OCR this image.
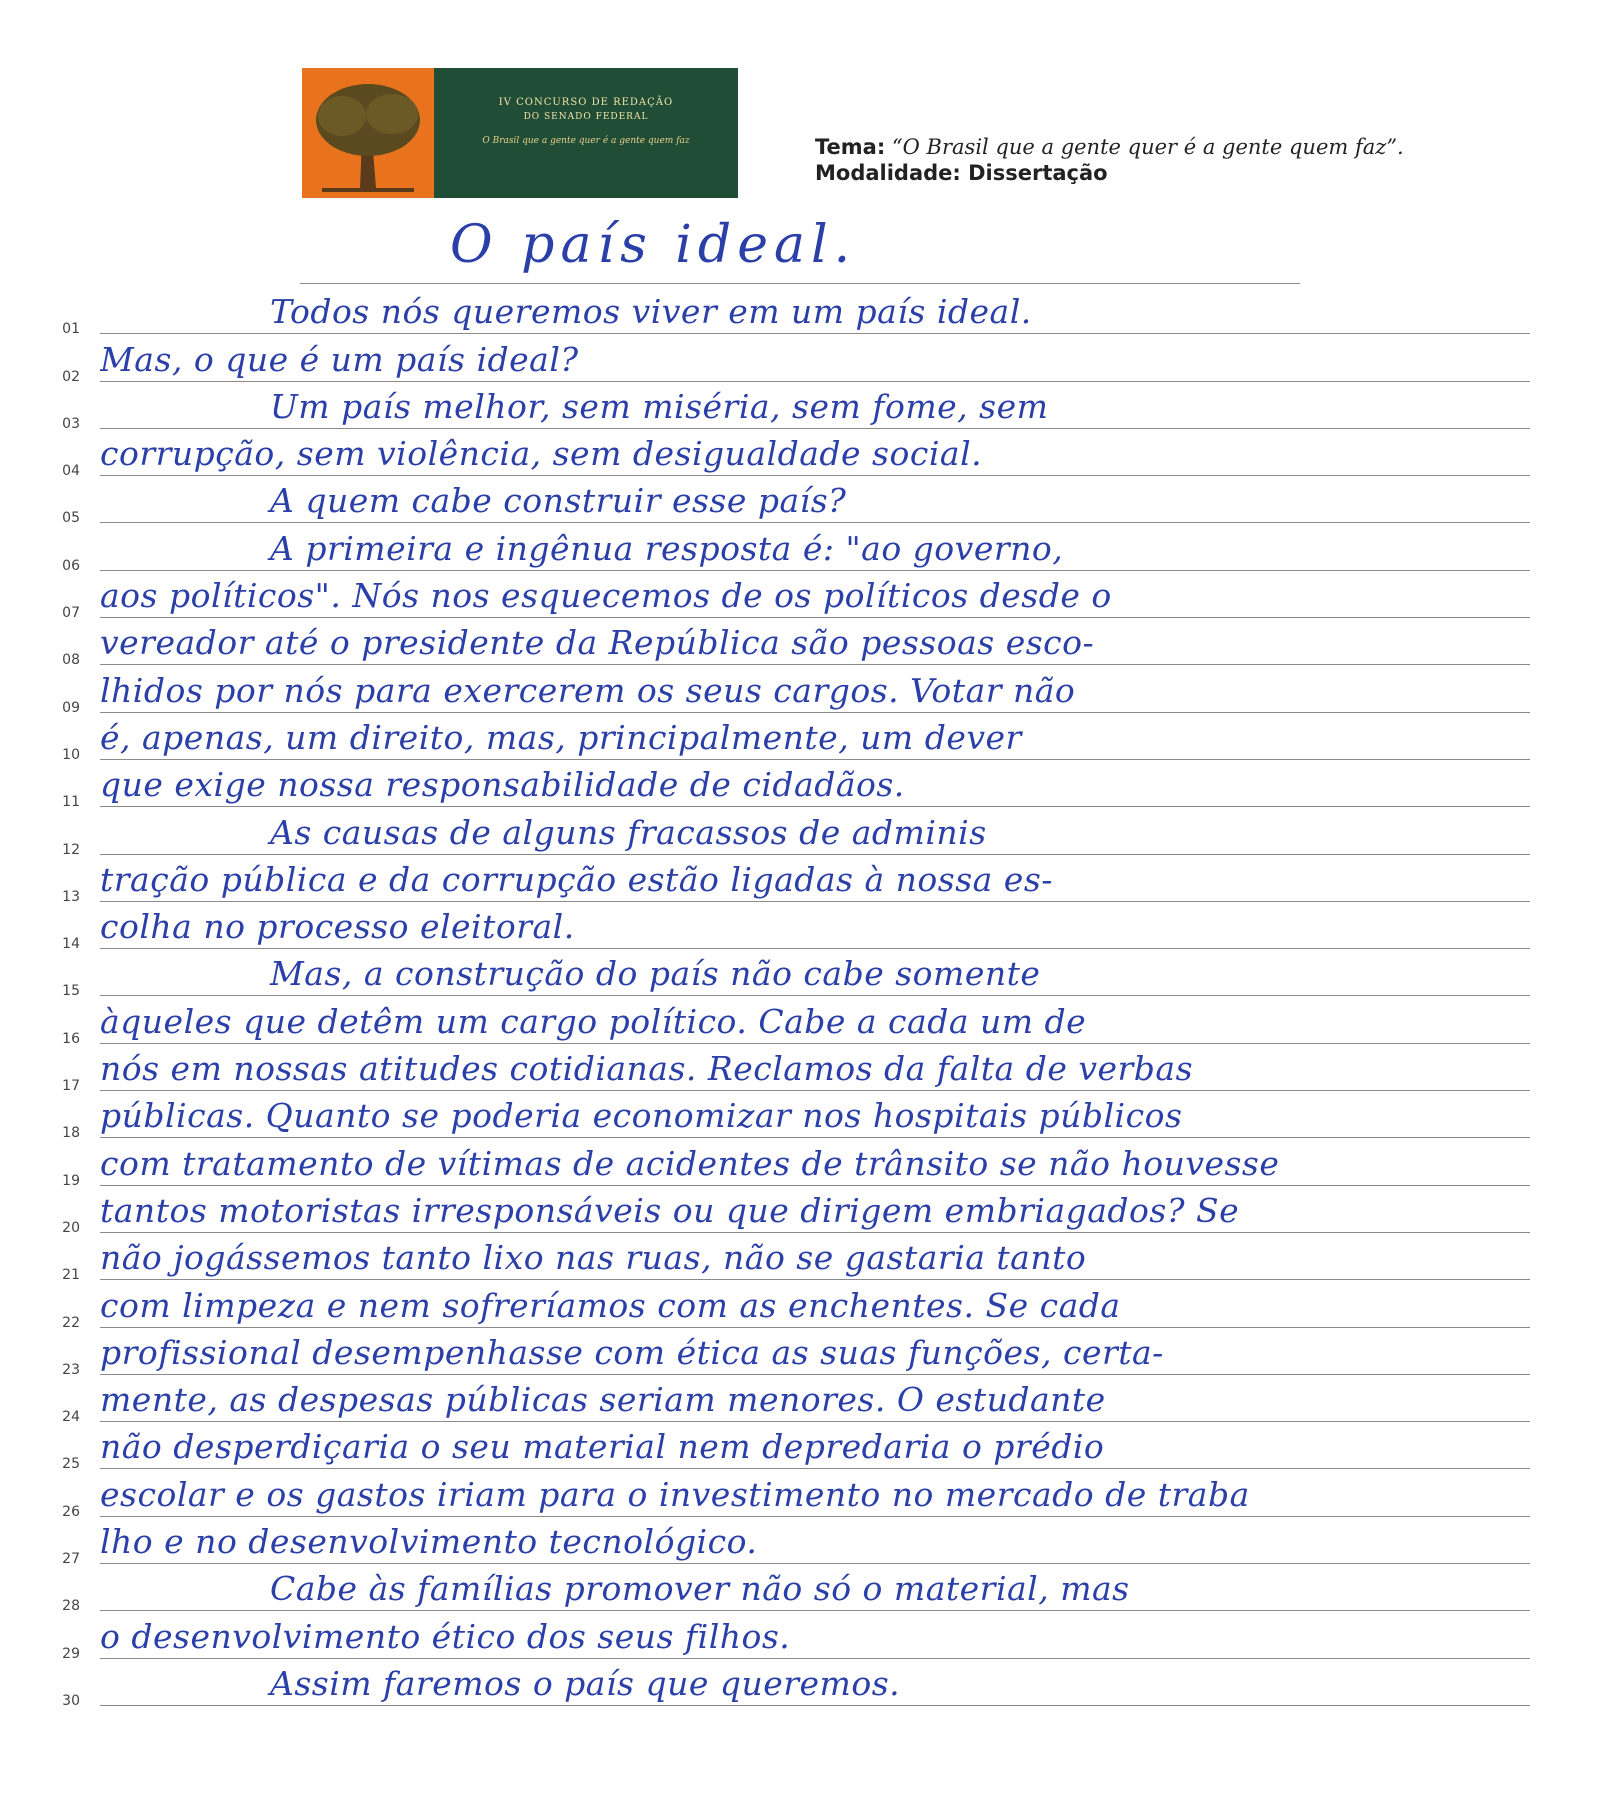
IV CONCURSO DE REDAÇÃO
DO SENADO FEDERAL
O Brasil que a gente quer é a gente quem faz	Tema: “O Brasil que a gente quer é a gente quem faz”.
Modalidade: Dissertação
O país ideal.
01	Todos nós queremos viver em um país ideal.
02 Mas, o que é um país ideal?
03	Um país melhor, sem miséria, sem fome, sem
04 corrupção, sem violência, sem desigualdade social.
05	A quem cabe construir esse país?
06	A primeira e ingênua resposta é: "ao governo,
07 aos políticos". Nós nos esquecemos de os políticos desde o
08 vereador até o presidente da República são pessoas esco-
09 lhidos por nós para exercerem os seus cargos. Votar não
10 é, apenas, um direito, mas, principalmente, um dever
11 que exige nossa responsabilidade de cidadãos.
12	As causas de alguns fracassos de adminis
13 tração pública e da corrupção estão ligadas à nossa es-
14 colha no processo eleitoral.
15	Mas, a construção do país não cabe somente
16 àqueles que detêm um cargo político. Cabe a cada um de
17 nós em nossas atitudes cotidianas. Reclamos da falta de verbas
18 públicas. Quanto se poderia economizar nos hospitais públicos
19 com tratamento de vítimas de acidentes de trânsito se não houvesse
20 tantos motoristas irresponsáveis ou que dirigem embriagados? Se
21 não jogássemos tanto lixo nas ruas, não se gastaria tanto
22 com limpeza e nem sofreríamos com as enchentes. Se cada
23 profissional desempenhasse com ética as suas funções, certa-
24 mente, as despesas públicas seriam menores. O estudante
25 não desperdiçaria o seu material nem depredaria o prédio
26 escolar e os gastos iriam para o investimento no mercado de traba
27 lho e no desenvolvimento tecnológico.
28	Cabe às famílias promover não só o material, mas
29 o desenvolvimento ético dos seus filhos.
30	Assim faremos o país que queremos.
